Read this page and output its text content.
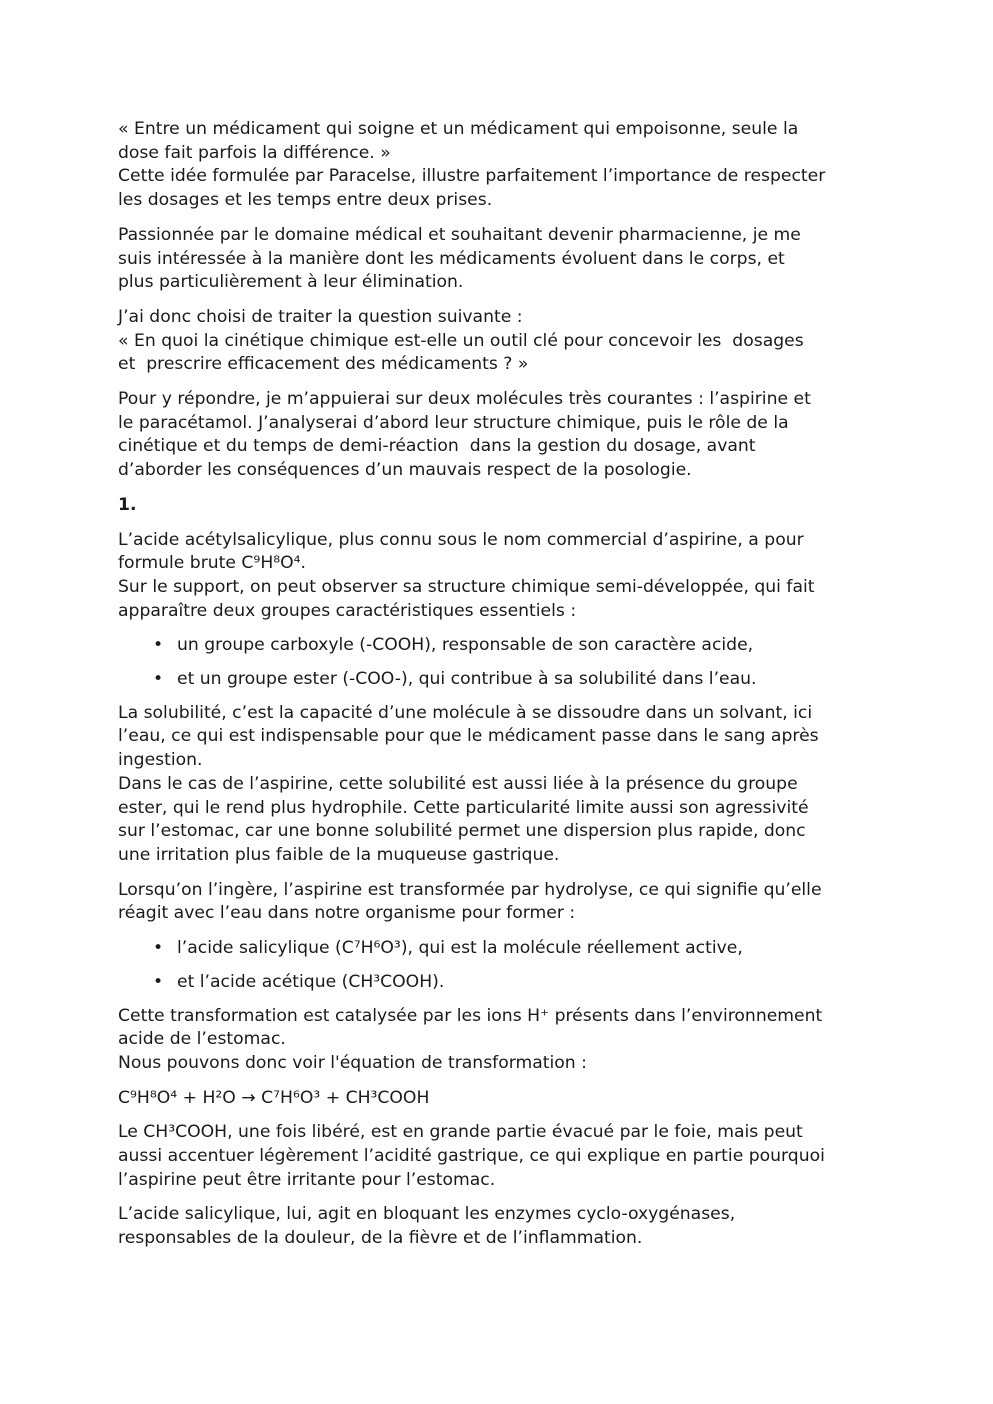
« Entre un médicament qui soigne et un médicament qui empoisonne, seule la
dose fait parfois la différence. »
Cette idée formulée par Paracelse, illustre parfaitement l’importance de respecter
les dosages et les temps entre deux prises.

Passionnée par le domaine médical et souhaitant devenir pharmacienne, je me
suis intéressée à la manière dont les médicaments évoluent dans le corps, et
plus particulièrement à leur élimination.

J’ai donc choisi de traiter la question suivante :
« En quoi la cinétique chimique est-elle un outil clé pour concevoir les  dosages
et  prescrire efficacement des médicaments ? »

Pour y répondre, je m’appuierai sur deux molécules très courantes : l’aspirine et
le paracétamol. J’analyserai d’abord leur structure chimique, puis le rôle de la
cinétique et du temps de demi-réaction  dans la gestion du dosage, avant
d’aborder les conséquences d’un mauvais respect de la posologie.

1.

L’acide acétylsalicylique, plus connu sous le nom commercial d’aspirine, a pour
formule brute C⁹H⁸O⁴.
Sur le support, on peut observer sa structure chimique semi-développée, qui fait
apparaître deux groupes caractéristiques essentiels :

• un groupe carboxyle (-COOH), responsable de son caractère acide,
• et un groupe ester (-COO-), qui contribue à sa solubilité dans l’eau.

La solubilité, c’est la capacité d’une molécule à se dissoudre dans un solvant, ici
l’eau, ce qui est indispensable pour que le médicament passe dans le sang après
ingestion.
Dans le cas de l’aspirine, cette solubilité est aussi liée à la présence du groupe
ester, qui le rend plus hydrophile. Cette particularité limite aussi son agressivité
sur l’estomac, car une bonne solubilité permet une dispersion plus rapide, donc
une irritation plus faible de la muqueuse gastrique.

Lorsqu’on l’ingère, l’aspirine est transformée par hydrolyse, ce qui signifie qu’elle
réagit avec l’eau dans notre organisme pour former :

• l’acide salicylique (C⁷H⁶O³), qui est la molécule réellement active,
• et l’acide acétique (CH³COOH).

Cette transformation est catalysée par les ions H⁺ présents dans l’environnement
acide de l’estomac.
Nous pouvons donc voir l'équation de transformation :

C⁹H⁸O⁴ + H²O → C⁷H⁶O³ + CH³COOH

Le CH³COOH, une fois libéré, est en grande partie évacué par le foie, mais peut
aussi accentuer légèrement l’acidité gastrique, ce qui explique en partie pourquoi
l’aspirine peut être irritante pour l’estomac.

L’acide salicylique, lui, agit en bloquant les enzymes cyclo-oxygénases,
responsables de la douleur, de la fièvre et de l’inflammation.
